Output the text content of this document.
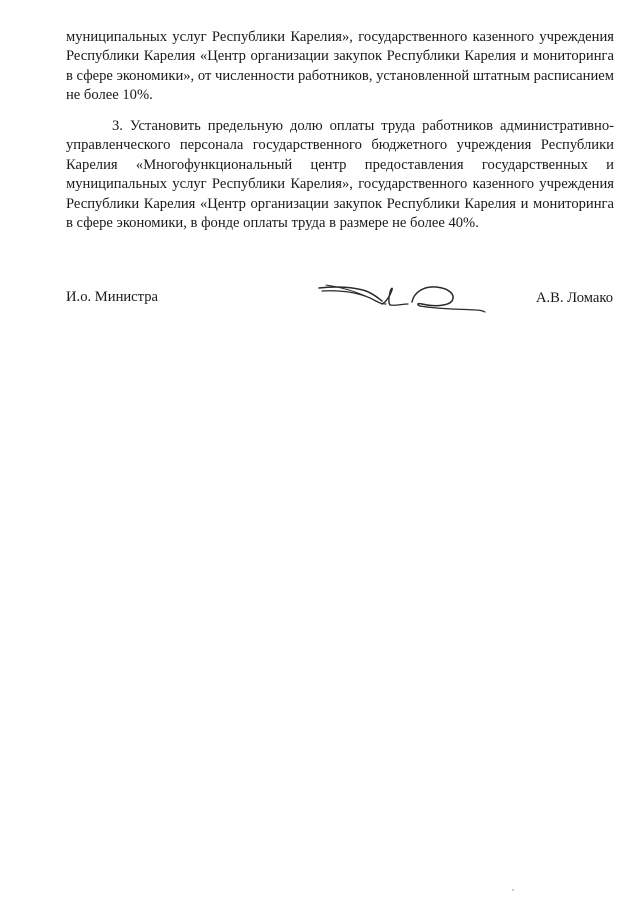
муниципальных услуг Республики Карелия», государственного казенного учреждения Республики Карелия «Центр организации закупок Республики Карелия и мониторинга в сфере экономики», от численности работников, установленной штатным расписанием не более 10%.

3. Установить предельную долю оплаты труда работников административно-управленческого персонала государственного бюджетного учреждения Республики Карелия «Многофункциональный центр предоставления государственных и муниципальных услуг Республики Карелия», государственного казенного учреждения Республики Карелия «Центр организации закупок Республики Карелия и мониторинга в сфере экономики, в фонде оплаты труда в размере не более 40%.

И.о. Министра	А.В. Ломако
